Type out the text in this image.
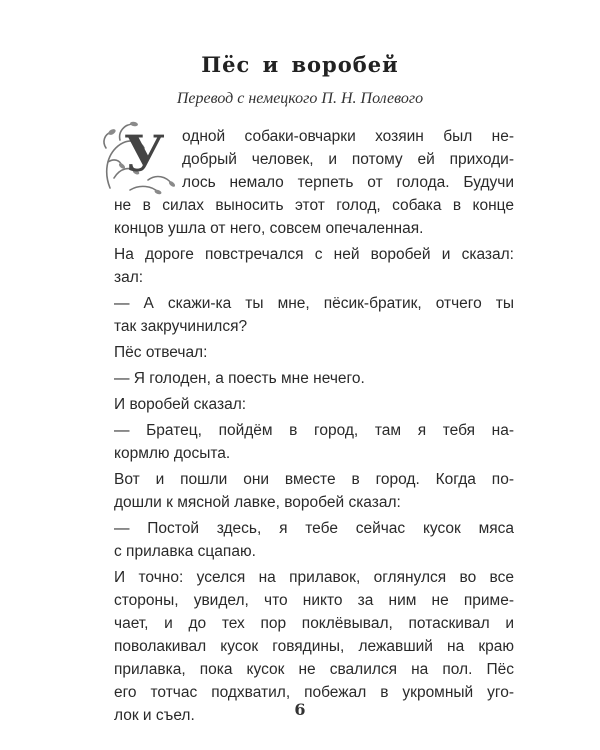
Пёс и воробей
Перевод с немецкого П. Н. Полевого
У одной собаки-овчарки хозяин был не-
добрый человек, и потому ей приходи-
лось немало терпеть от голода. Будучи
не в силах выносить этот голод, собака в конце
концов ушла от него, совсем опечаленная.
На дороге повстречался с ней воробей и сказал:
зал:
— А скажи-ка ты мне, пёсик-братик, отчего ты
так закручинился?
Пёс отвечал:
— Я голоден, а поесть мне нечего.
И воробей сказал:
— Братец, пойдём в город, там я тебя на-
кормлю досыта.
Вот и пошли они вместе в город. Когда по-
дошли к мясной лавке, воробей сказал:
— Постой здесь, я тебе сейчас кусок мяса
с прилавка сцапаю.
И точно: уселся на прилавок, оглянулся во все
стороны, увидел, что никто за ним не приме-
чает, и до тех пор поклёвывал, потаскивал и
поволакивал кусок говядины, лежавший на краю
прилавка, пока кусок не свалился на пол. Пёс
его тотчас подхватил, побежал в укромный уго-
лок и съел.	6
